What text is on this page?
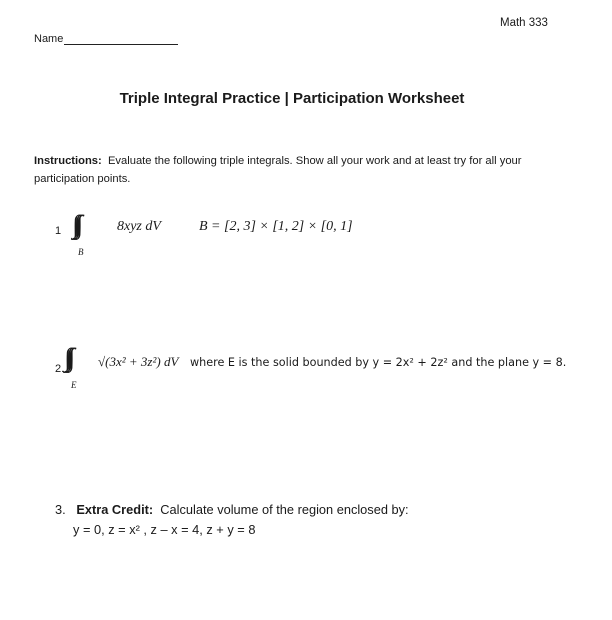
Math 333
Name
Triple Integral Practice | Participation Worksheet
Instructions: Evaluate the following triple integrals. Show all your work and at least try for all your participation points.
1
B
8xyz dV	B = [2, 3] × [1, 2] × [0, 1]
2.
E
√(3x² + 3z²) dV where E is the solid bounded by y = 2x² + 2z² and the plane y = 8.
3. Extra Credit: Calculate volume of the region enclosed by:
y = 0, z = x² , z – x = 4, z + y = 8
